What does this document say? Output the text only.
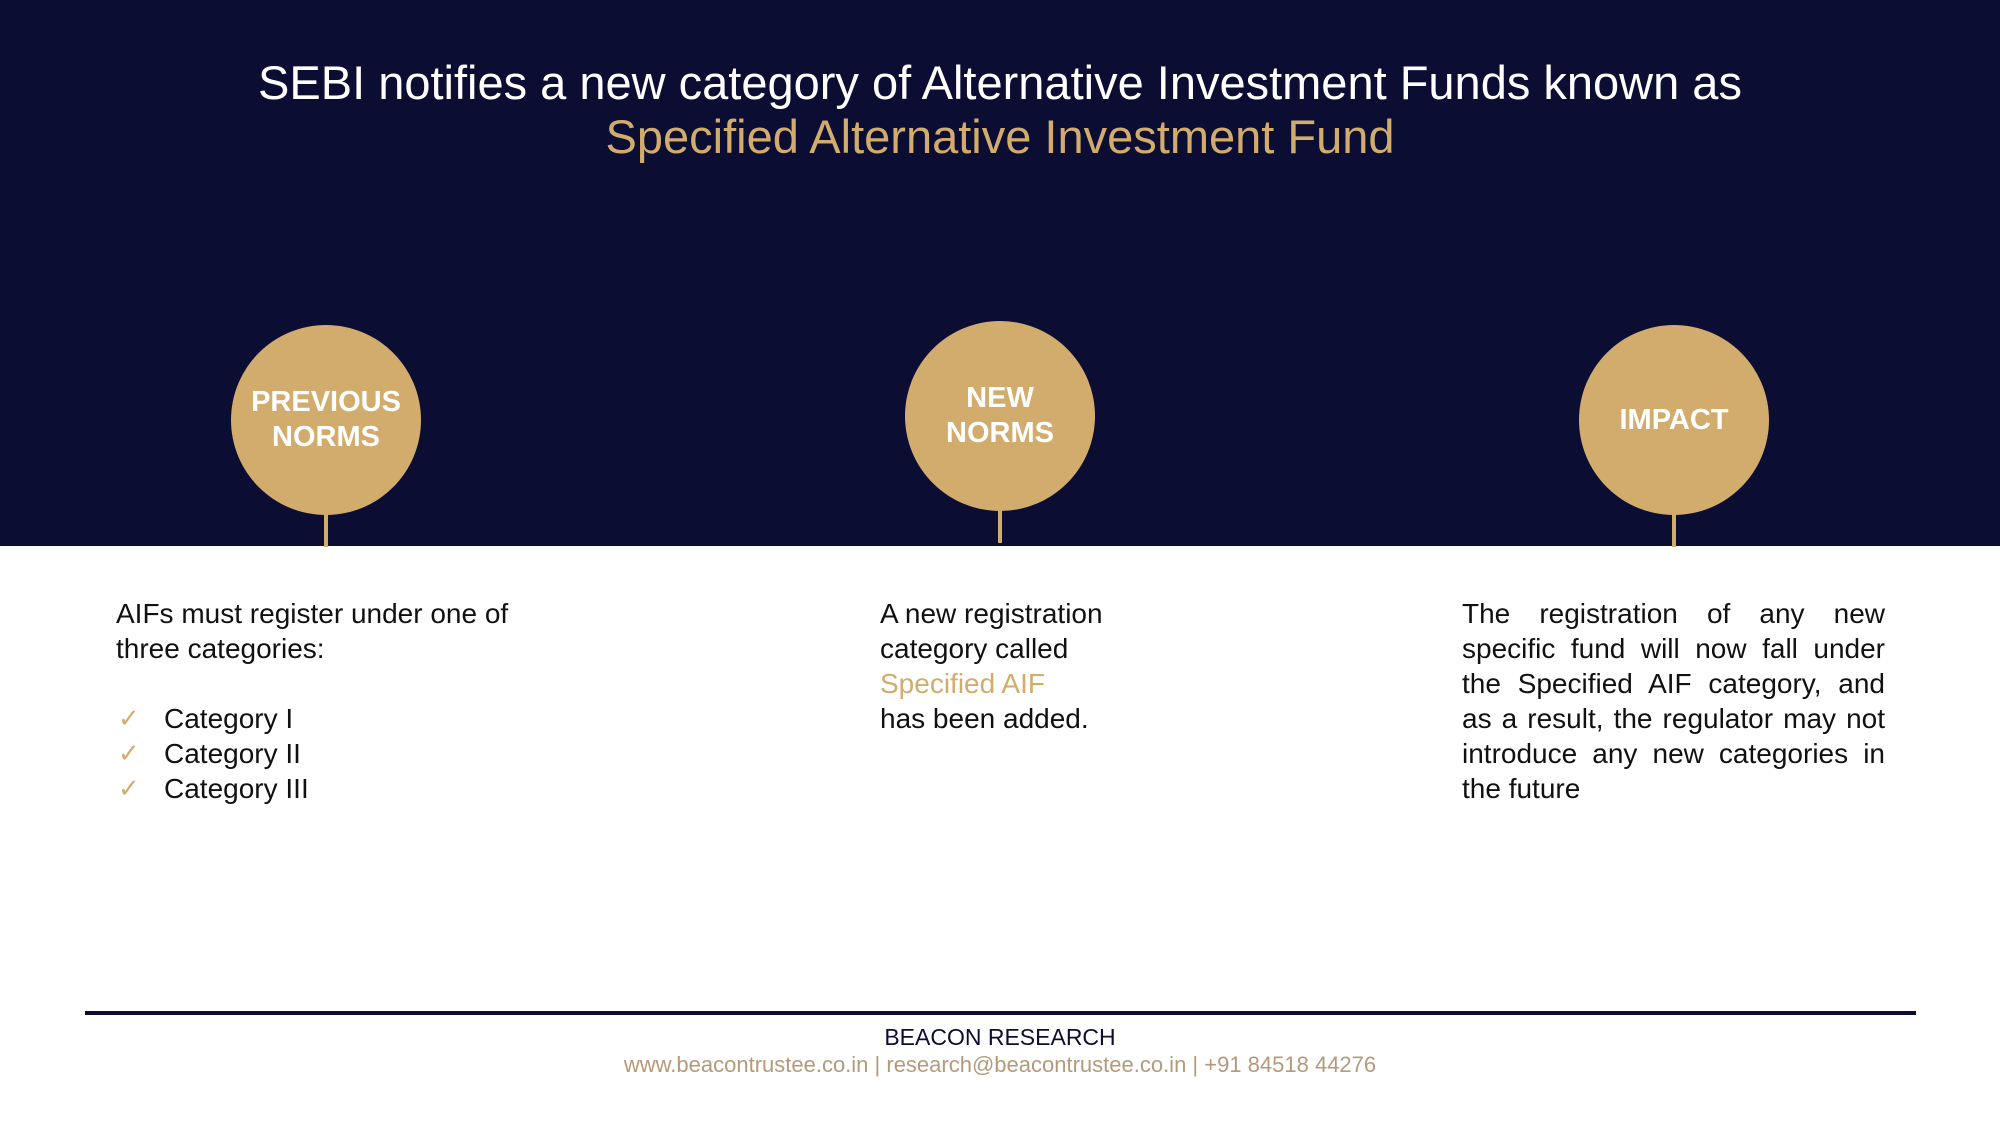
SEBI notifies a new category of Alternative Investment Funds known as
Specified Alternative Investment Fund
PREVIOUS
NORMS
AIFs must register under one of
three categories:
✓ Category I
✓ Category II
✓ Category III
NEW
NORMS
A new registration
category called
Specified AIF
has been added.
IMPACT
The registration of any new specific fund will now fall under the Specified AIF category, and as a result, the regulator may not introduce any new categories in the future
BEACON RESEARCH
www.beacontrustee.co.in | research@beacontrustee.co.in | +91 84518 44276
